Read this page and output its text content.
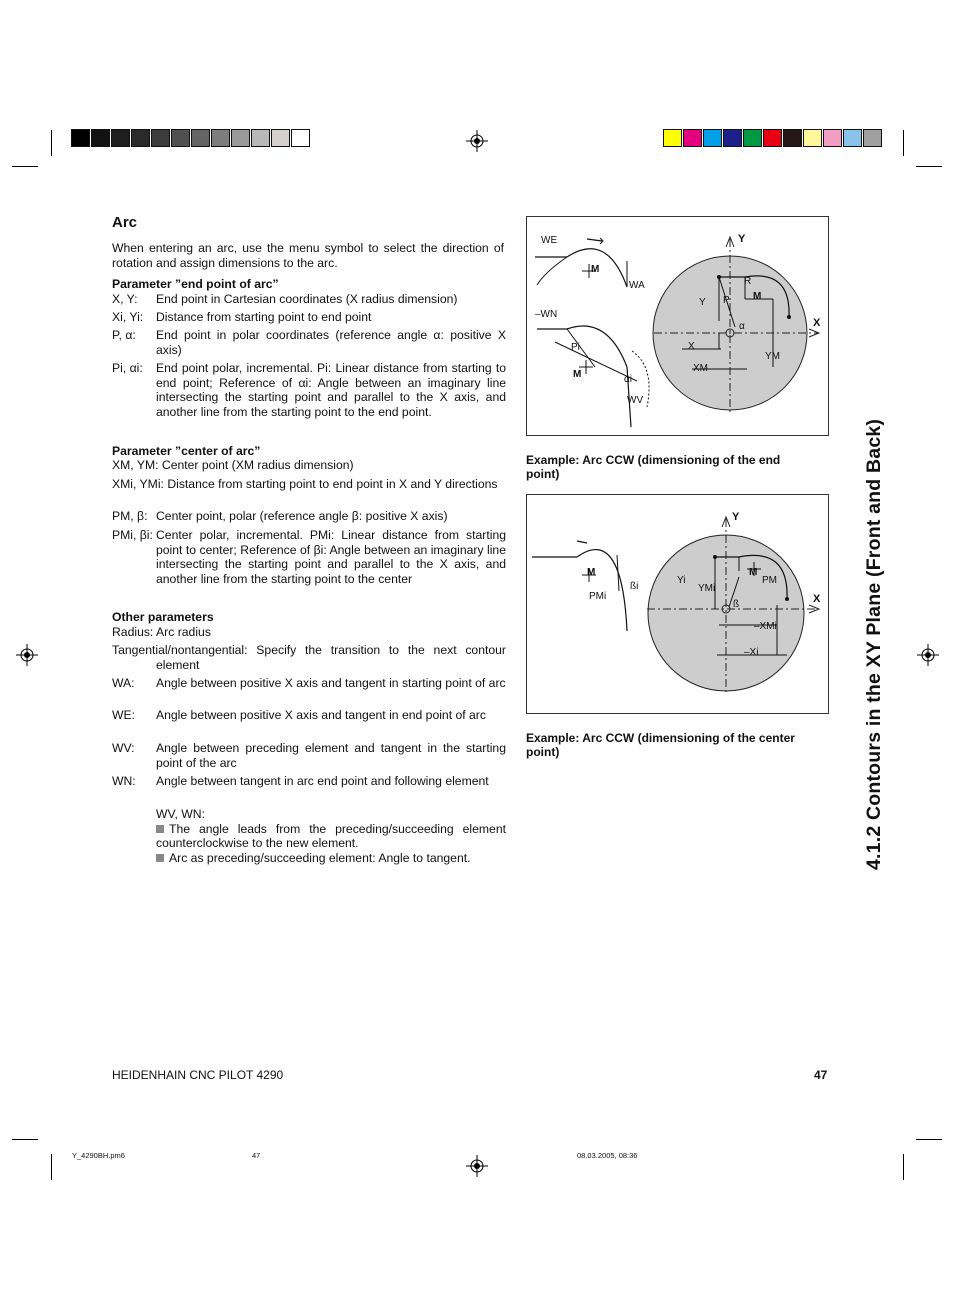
4.1.2 Contours in the XY Plane (Front and Back)
Arc
When entering an arc, use the menu symbol to select the direction of rotation and assign dimensions to the arc.
Parameter ”end point of arc”
X, Y: End point in Cartesian coordinates (X radius dimension)
Xi, Yi: Distance from starting point to end point
P, α: End point in polar coordinates (reference angle α: positive X axis)
Pi, αi: End point polar, incremental. Pi: Linear distance from starting to end point; Reference of αi: Angle between an imaginary line intersecting the starting point and parallel to the X axis, and another line from the starting point to the end point.
Parameter ”center of arc”
XM, YM: Center point (XM radius dimension)
XMi, YMi: Distance from starting point to end point in X and Y directions
PM, β: Center point, polar (reference angle β: positive X axis)
PMi, βi: Center polar, incremental. PMi: Linear distance from starting point to center; Reference of βi: Angle between an imaginary line intersecting the starting point and parallel to the X axis, and another line from the starting point to the center
Other parameters
Radius: Arc radius
Tangential/nontangential: Specify the transition to the next contour element
WA: Angle between positive X axis and tangent in starting point of arc
WE: Angle between positive X axis and tangent in end point of arc
WV: Angle between preceding element and tangent in the starting point of the arc
WN: Angle between tangent in arc end point and following element
WV, WN:
The angle leads from the preceding/succeeding element counterclockwise to the new element.
Arc as preceding/succeeding element: Angle to tangent.
WE
M
WA
–WN
Pi
M	αi
WV
Y
X
R
P M
Y
α
X
XM
YM
Example: Arc CCW (dimensioning of the end point)
M
ßi
PMi
Y
X
Yi
YMi
M
PM
ß
–XMi
–Xi
Example: Arc CCW (dimensioning of the center point)
HEIDENHAIN CNC PILOT 4290	47
Y_4290BH.pm6	47	08.03.2005, 08:36
